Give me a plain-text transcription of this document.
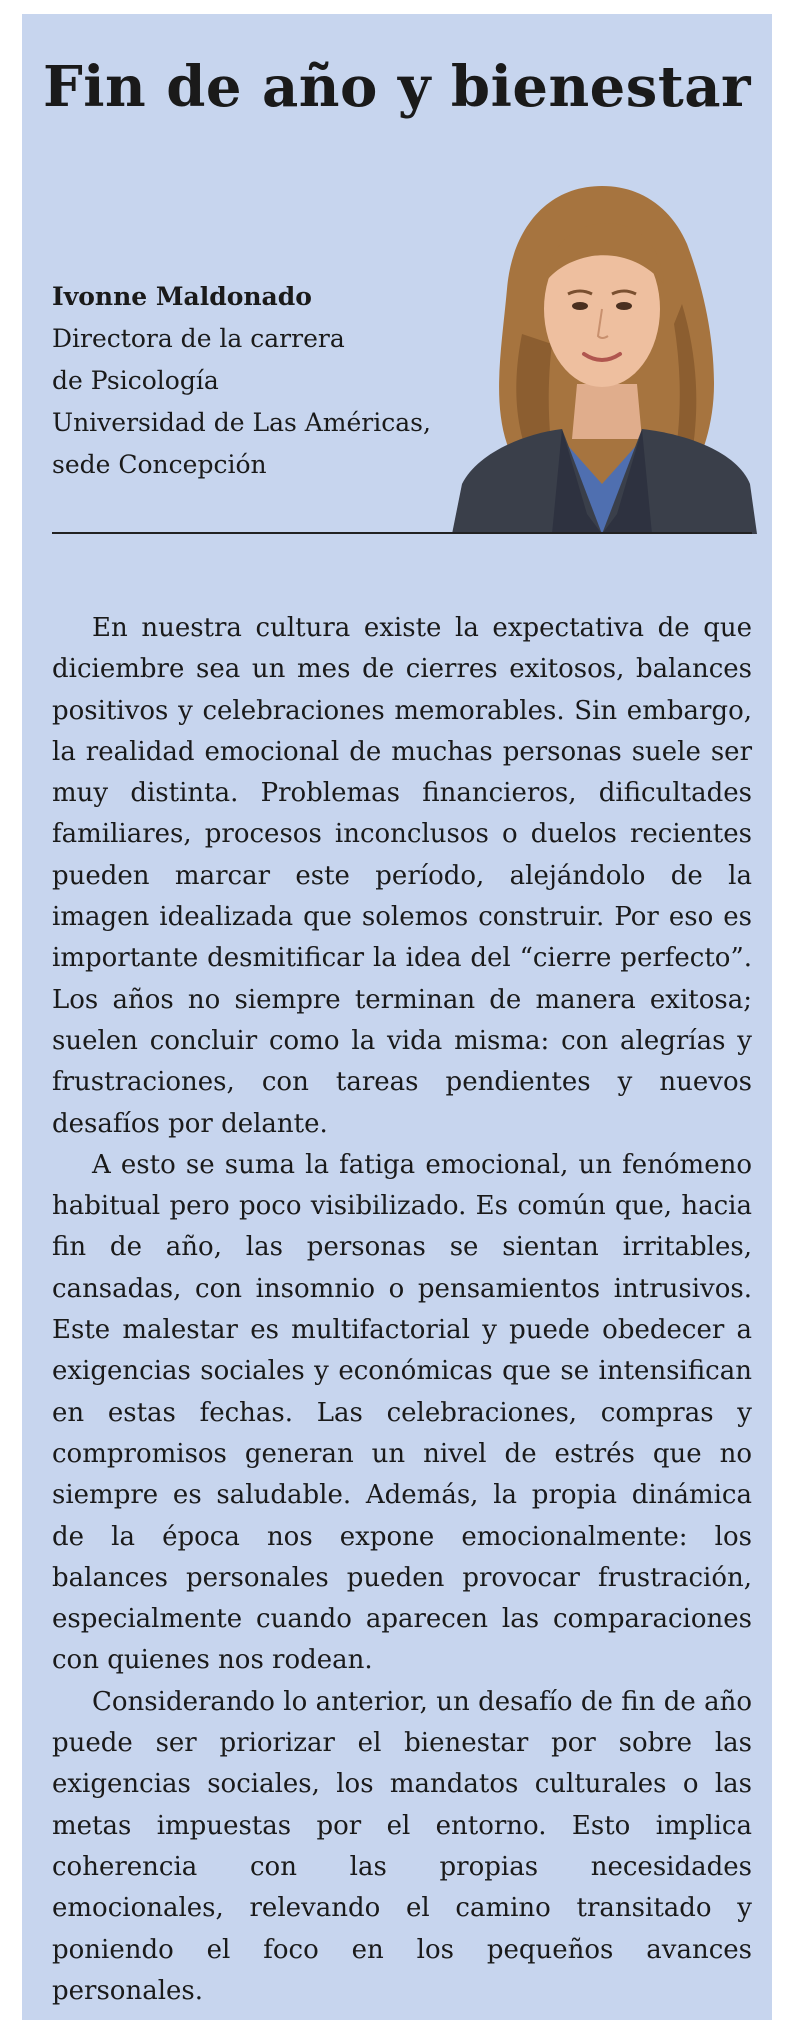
Fin de año y bienestar
Ivonne Maldonado
Directora de la carrera
de Psicología
Universidad de Las Américas,
sede Concepción

En nuestra cultura existe la expectativa de que diciembre sea un mes de cierres exitosos, balances positivos y celebraciones memorables. Sin embargo, la realidad emocional de muchas personas suele ser muy distinta. Problemas financieros, dificultades familiares, procesos inconclusos o duelos recientes pueden marcar este período, alejándolo de la imagen idealizada que solemos construir. Por eso es importante desmitificar la idea del “cierre perfecto”. Los años no siempre terminan de manera exitosa; suelen concluir como la vida misma: con alegrías y frustraciones, con tareas pendientes y nuevos desafíos por delante.

A esto se suma la fatiga emocional, un fenómeno habitual pero poco visibilizado. Es común que, hacia fin de año, las personas se sientan irritables, cansadas, con insomnio o pensamientos intrusivos. Este malestar es multifactorial y puede obedecer a exigencias sociales y económicas que se intensifican en estas fechas. Las celebraciones, compras y compromisos generan un nivel de estrés que no siempre es saludable. Además, la propia dinámica de la época nos expone emocionalmente: los balances personales pueden provocar frustración, especialmente cuando aparecen las comparaciones con quienes nos rodean.

Considerando lo anterior, un desafío de fin de año puede ser priorizar el bienestar por sobre las exigencias sociales, los mandatos culturales o las metas impuestas por el entorno. Esto implica coherencia con las propias necesidades emocionales, relevando el camino transitado y poniendo el foco en los pequeños avances personales.
